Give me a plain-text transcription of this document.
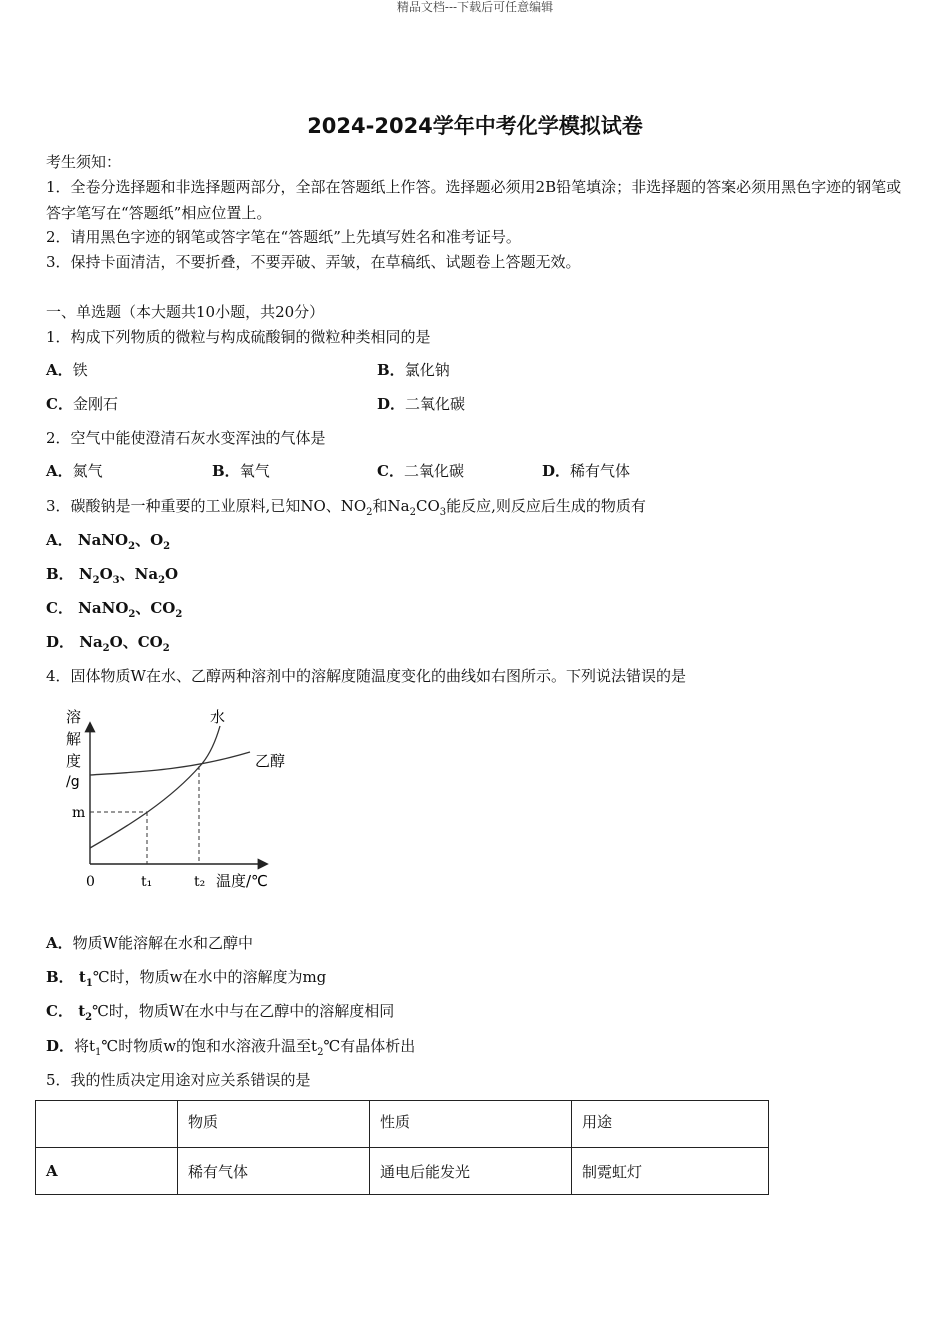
精品文档---下载后可任意编辑
2024-2024学年中考化学模拟试卷
考生须知：
1．全卷分选择题和非选择题两部分，全部在答题纸上作答。选择题必须用2B铅笔填涂；非选择题的答案必须用黑色字迹的钢笔或答字笔写在“答题纸”相应位置上。
2．请用黑色字迹的钢笔或答字笔在“答题纸”上先填写姓名和准考证号。
3．保持卡面清洁，不要折叠，不要弄破、弄皱，在草稿纸、试题卷上答题无效。
一、单选题（本大题共10小题，共20分）
1．构成下列物质的微粒与构成硫酸铜的微粒种类相同的是
A．铁	B．氯化钠
C．金刚石	D．二氧化碳
2．空气中能使澄清石灰水变浑浊的气体是
A．氮气	B．氧气	C．二氧化碳	D．稀有气体
3．碳酸钠是一种重要的工业原料,已知NO、$NO_2$和$Na_2CO_3$能反应,则反应后生成的物质有
A． NaNO$_2$、$O_2$
B． $N_2O_3$、$Na_2O$
C． NaNO$_2$、$CO_2$
D． $Na_2O$、$CO_2$
4．固体物质W在水、乙醇两种溶剂中的溶解度随温度变化的曲线如右图所示。下列说法错误的是
溶
解
度
/g
水
乙醇
m
0	t₁	t₂ 温度/℃
A．物质W能溶解在水和乙醇中
B． $t_1℃$时，物质w在水中的溶解度为mg
C． $t_2℃$时，物质W在水中与在乙醇中的溶解度相同
D．将$t_1℃$时物质w的饱和水溶液升温至$t_2℃$有晶体析出
5．我的性质决定用途对应关系错误的是
	物质	性质	用途
A	稀有气体	通电后能发光	制霓虹灯
